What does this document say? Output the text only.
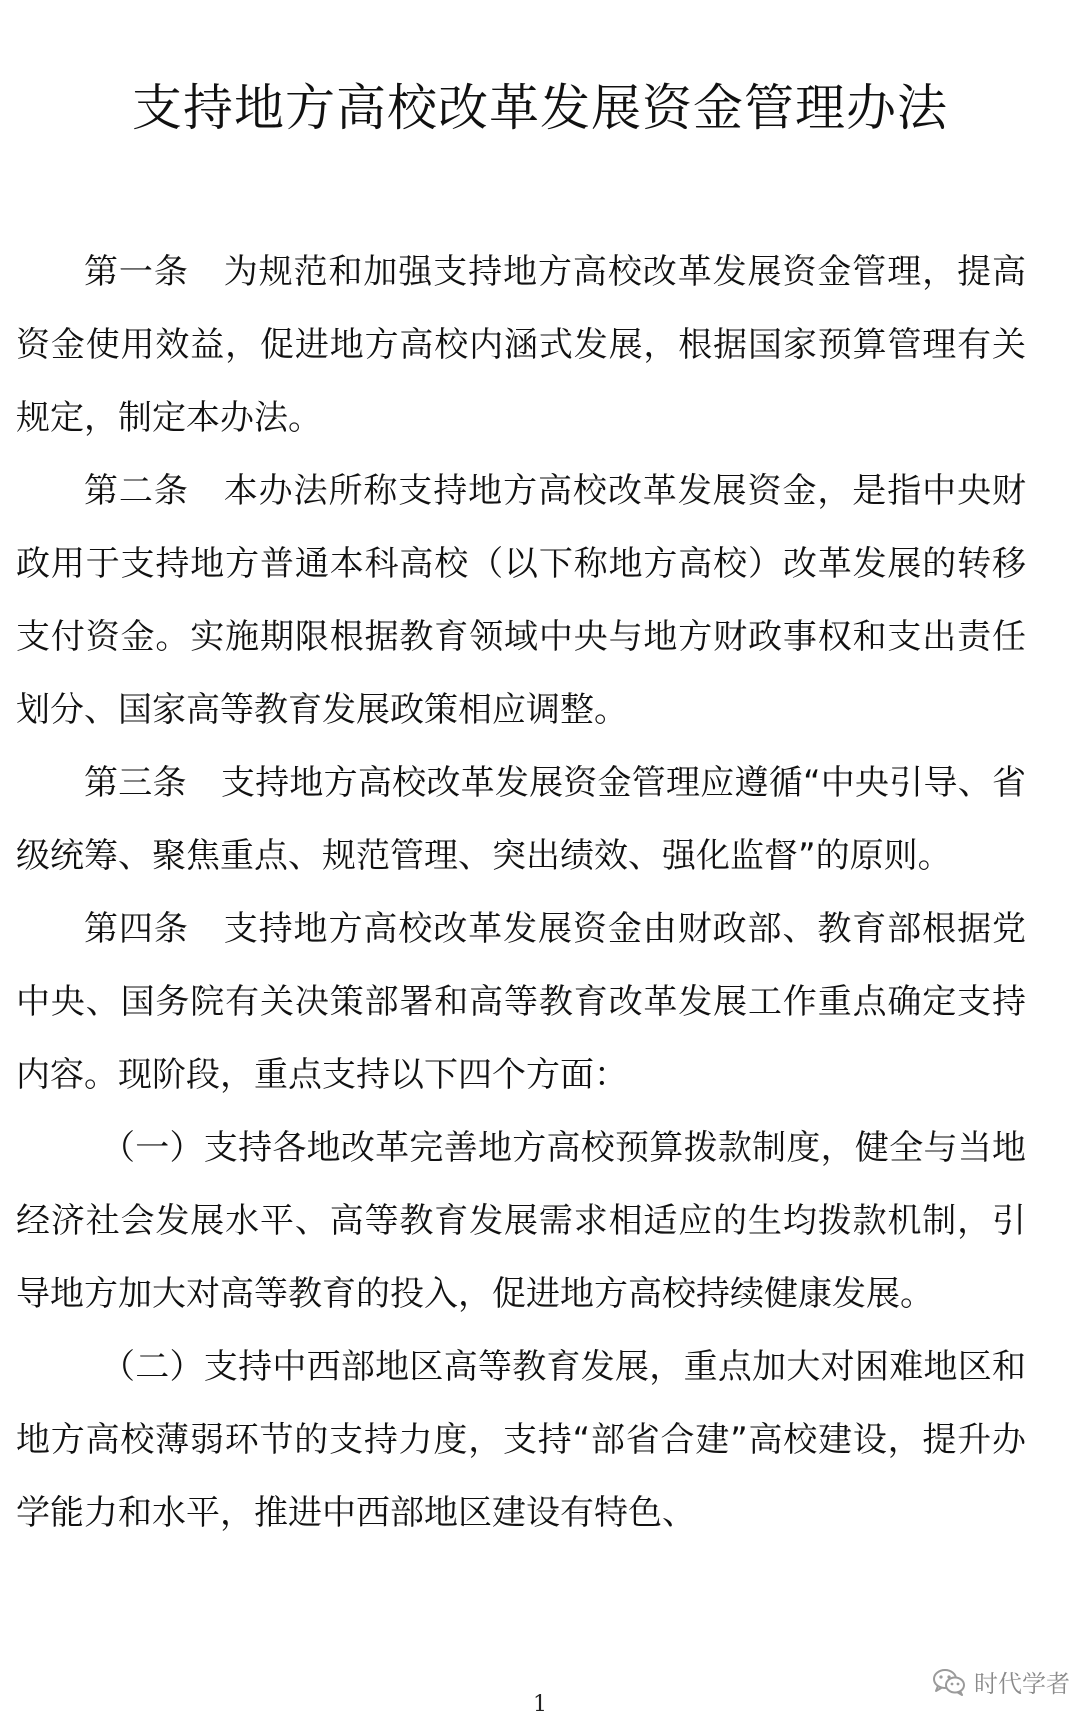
支持地方高校改革发展资金管理办法

第一条　为规范和加强支持地方高校改革发展资金管理，提高资金使用效益，促进地方高校内涵式发展，根据国家预算管理有关规定，制定本办法。

第二条　本办法所称支持地方高校改革发展资金，是指中央财政用于支持地方普通本科高校（以下称地方高校）改革发展的转移支付资金。实施期限根据教育领域中央与地方财政事权和支出责任划分、国家高等教育发展政策相应调整。

第三条　支持地方高校改革发展资金管理应遵循“中央引导、省级统筹、聚焦重点、规范管理、突出绩效、强化监督”的原则。

第四条　支持地方高校改革发展资金由财政部、教育部根据党中央、国务院有关决策部署和高等教育改革发展工作重点确定支持内容。现阶段，重点支持以下四个方面：

（一）支持各地改革完善地方高校预算拨款制度，健全与当地经济社会发展水平、高等教育发展需求相适应的生均拨款机制，引导地方加大对高等教育的投入，促进地方高校持续健康发展。

（二）支持中西部地区高等教育发展，重点加大对困难地区和地方高校薄弱环节的支持力度，支持“部省合建”高校建设，提升办学能力和水平，推进中西部地区建设有特色、

1
时代学者
